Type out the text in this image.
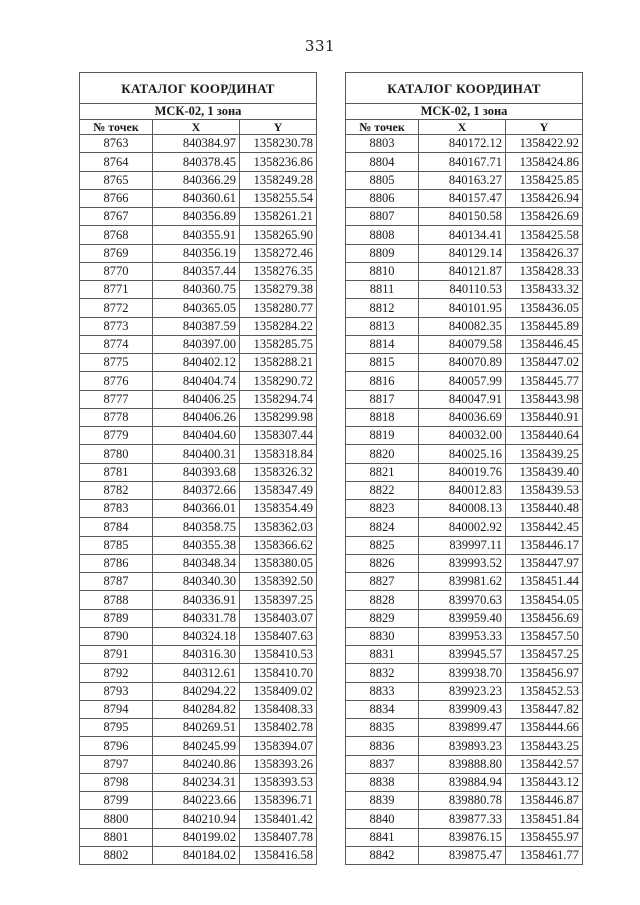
331
КАТАЛОГ КООРДИНАТ		
МСК-02, 1 зона		
№ точек	X	Y
8763	840384.97	1358230.78
8764	840378.45	1358236.86
8765	840366.29	1358249.28
8766	840360.61	1358255.54
8767	840356.89	1358261.21
8768	840355.91	1358265.90
8769	840356.19	1358272.46
8770	840357.44	1358276.35
8771	840360.75	1358279.38
8772	840365.05	1358280.77
8773	840387.59	1358284.22
8774	840397.00	1358285.75
8775	840402.12	1358288.21
8776	840404.74	1358290.72
8777	840406.25	1358294.74
8778	840406.26	1358299.98
8779	840404.60	1358307.44
8780	840400.31	1358318.84
8781	840393.68	1358326.32
8782	840372.66	1358347.49
8783	840366.01	1358354.49
8784	840358.75	1358362.03
8785	840355.38	1358366.62
8786	840348.34	1358380.05
8787	840340.30	1358392.50
8788	840336.91	1358397.25
8789	840331.78	1358403.07
8790	840324.18	1358407.63
8791	840316.30	1358410.53
8792	840312.61	1358410.70
8793	840294.22	1358409.02
8794	840284.82	1358408.33
8795	840269.51	1358402.78
8796	840245.99	1358394.07
8797	840240.86	1358393.26
8798	840234.31	1358393.53
8799	840223.66	1358396.71
8800	840210.94	1358401.42
8801	840199.02	1358407.78
8802	840184.02	1358416.58
КАТАЛОГ КООРДИНАТ		
МСК-02, 1 зона		
№ точек	X	Y
8803	840172.12	1358422.92
8804	840167.71	1358424.86
8805	840163.27	1358425.85
8806	840157.47	1358426.94
8807	840150.58	1358426.69
8808	840134.41	1358425.58
8809	840129.14	1358426.37
8810	840121.87	1358428.33
8811	840110.53	1358433.32
8812	840101.95	1358436.05
8813	840082.35	1358445.89
8814	840079.58	1358446.45
8815	840070.89	1358447.02
8816	840057.99	1358445.77
8817	840047.91	1358443.98
8818	840036.69	1358440.91
8819	840032.00	1358440.64
8820	840025.16	1358439.25
8821	840019.76	1358439.40
8822	840012.83	1358439.53
8823	840008.13	1358440.48
8824	840002.92	1358442.45
8825	839997.11	1358446.17
8826	839993.52	1358447.97
8827	839981.62	1358451.44
8828	839970.63	1358454.05
8829	839959.40	1358456.69
8830	839953.33	1358457.50
8831	839945.57	1358457.25
8832	839938.70	1358456.97
8833	839923.23	1358452.53
8834	839909.43	1358447.82
8835	839899.47	1358444.66
8836	839893.23	1358443.25
8837	839888.80	1358442.57
8838	839884.94	1358443.12
8839	839880.78	1358446.87
8840	839877.33	1358451.84
8841	839876.15	1358455.97
8842	839875.47	1358461.77
